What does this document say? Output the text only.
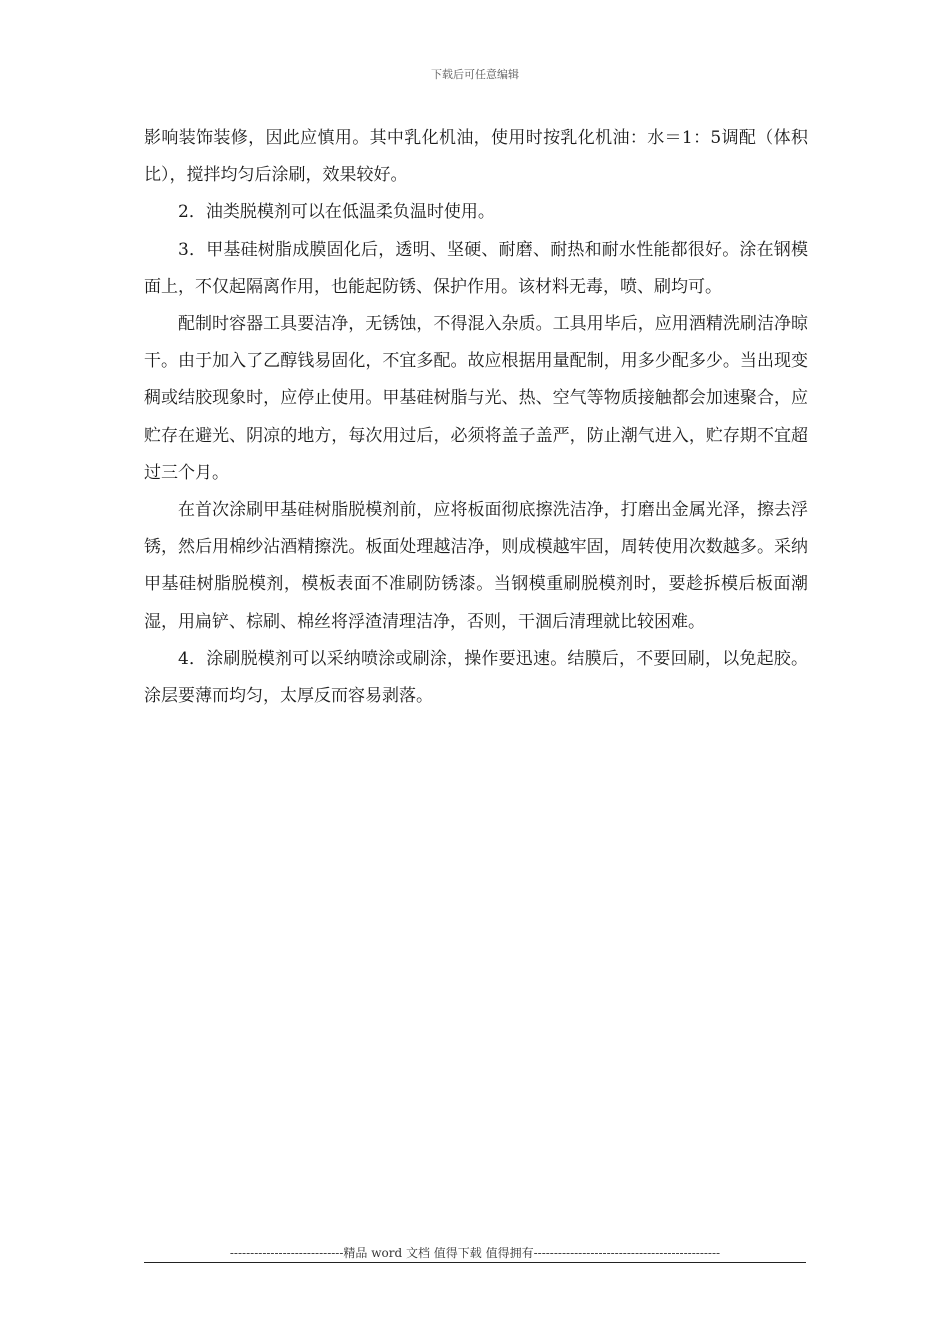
下载后可任意编辑

影响装饰装修，因此应慎用。其中乳化机油，使用时按乳化机油：水＝1：5调配（体积比），搅拌均匀后涂刷，效果较好。

2．油类脱模剂可以在低温柔负温时使用。

3．甲基硅树脂成膜固化后，透明、坚硬、耐磨、耐热和耐水性能都很好。涂在钢模面上，不仅起隔离作用，也能起防锈、保护作用。该材料无毒，喷、刷均可。

配制时容器工具要洁净，无锈蚀，不得混入杂质。工具用毕后，应用酒精洗刷洁净晾干。由于加入了乙醇钱易固化，不宜多配。故应根据用量配制，用多少配多少。当出现变稠或结胶现象时，应停止使用。甲基硅树脂与光、热、空气等物质接触都会加速聚合，应贮存在避光、阴凉的地方，每次用过后，必须将盖子盖严，防止潮气进入，贮存期不宜超过三个月。

在首次涂刷甲基硅树脂脱模剂前，应将板面彻底擦洗洁净，打磨出金属光泽，擦去浮锈，然后用棉纱沾酒精擦洗。板面处理越洁净，则成模越牢固，周转使用次数越多。采纳甲基硅树脂脱模剂，模板表面不准刷防锈漆。当钢模重刷脱模剂时，要趁拆模后板面潮湿，用扁铲、棕刷、棉丝将浮渣清理洁净，否则，干涸后清理就比较困难。

4．涂刷脱模剂可以采纳喷涂或刷涂，操作要迅速。结膜后，不要回刷，以免起胶。涂层要薄而均匀，太厚反而容易剥落。

----------------------------精品 word 文档 值得下载 值得拥有----------------------------------------------
